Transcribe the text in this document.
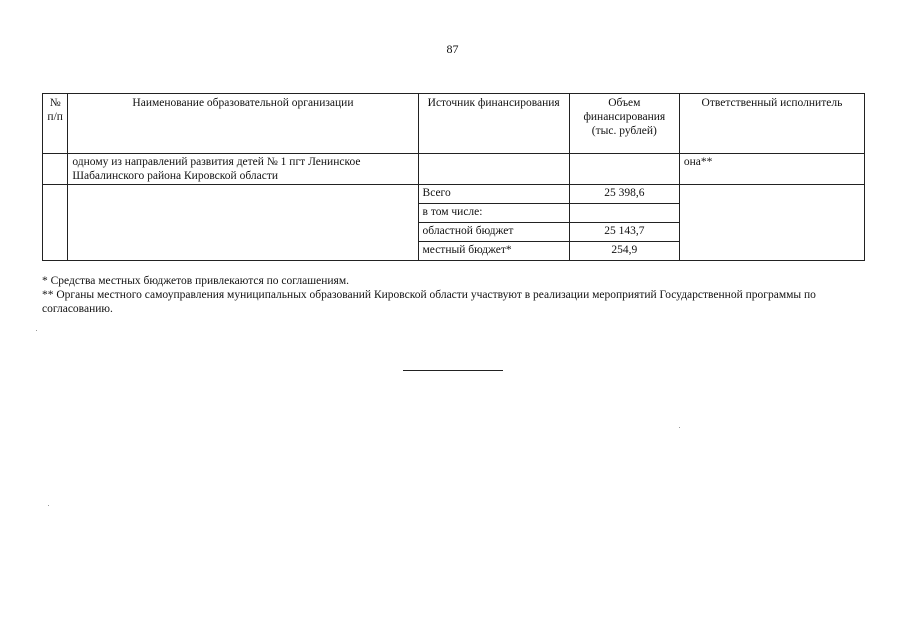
87
№ п/п	Наименование образовательной организации	Источник финансирования	Объем финансирования (тыс. рублей)	Ответственный исполнитель
	одному из направлений развития детей № 1 пгт Ленинское Шабалинского района Кировской области			она**
		Всего	25 398,6	
		в том числе:		
		областной бюджет	25 143,7	
		местный бюджет*	254,9	

* Средства местных бюджетов привлекаются по соглашениям.

** Органы местного самоуправления муниципальных образований Кировской области участвуют в реализации мероприятий Государственной программы по согласованию.
